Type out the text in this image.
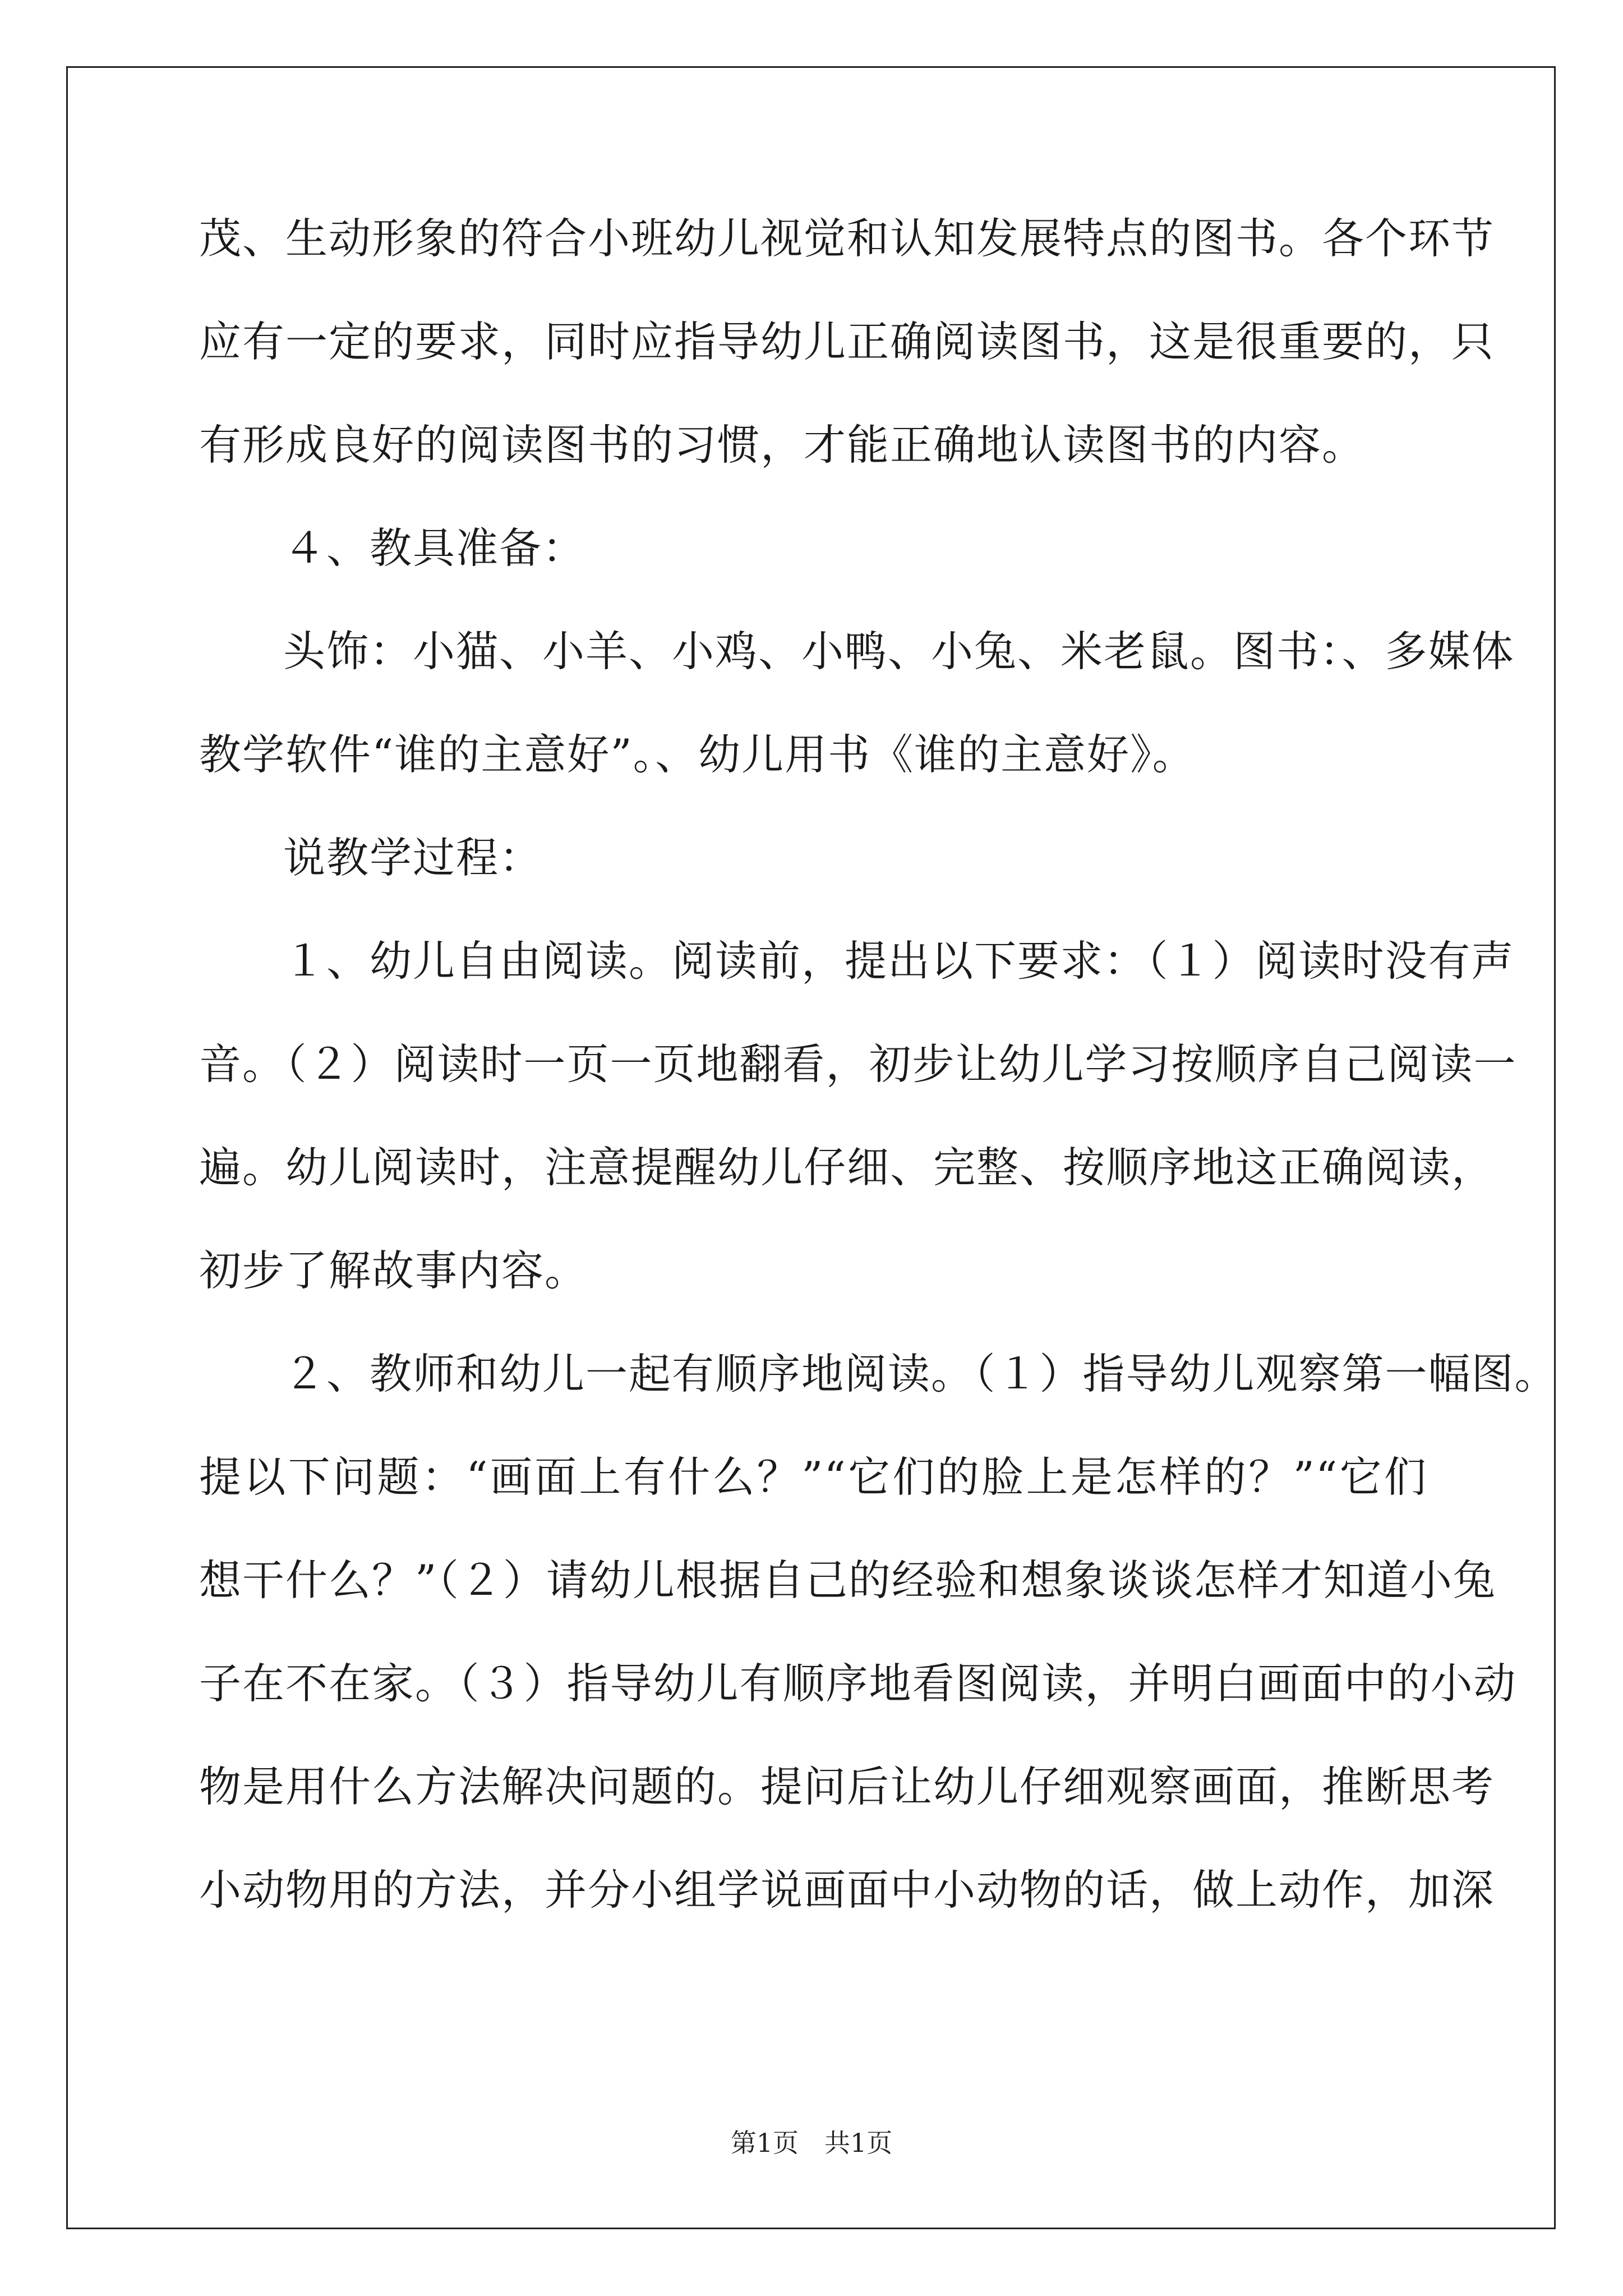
茂、生动形象的符合小班幼儿视觉和认知发展特点的图书。各个环节
应有一定的要求，同时应指导幼儿正确阅读图书，这是很重要的，只
有形成良好的阅读图书的习惯，才能正确地认读图书的内容。
４、教具准备：
头饰：小猫、小羊、小鸡、小鸭、小兔、米老鼠。图书：、多媒体
教学软件“谁的主意好”。、幼儿用书《谁的主意好》。
说教学过程：
１、幼儿自由阅读。阅读前，提出以下要求：（１）阅读时没有声
音。（２）阅读时一页一页地翻看，初步让幼儿学习按顺序自己阅读一
遍。幼儿阅读时，注意提醒幼儿仔细、完整、按顺序地这正确阅读，
初步了解故事内容。
２、教师和幼儿一起有顺序地阅读。（１）指导幼儿观察第一幅图。
提以下问题：“画面上有什么？”“它们的脸上是怎样的？”“它们
想干什么？”（２）请幼儿根据自己的经验和想象谈谈怎样才知道小兔
子在不在家。（３）指导幼儿有顺序地看图阅读，并明白画面中的小动
物是用什么方法解决问题的。提问后让幼儿仔细观察画面，推断思考
小动物用的方法，并分小组学说画面中小动物的话，做上动作，加深
第1页　共1页
